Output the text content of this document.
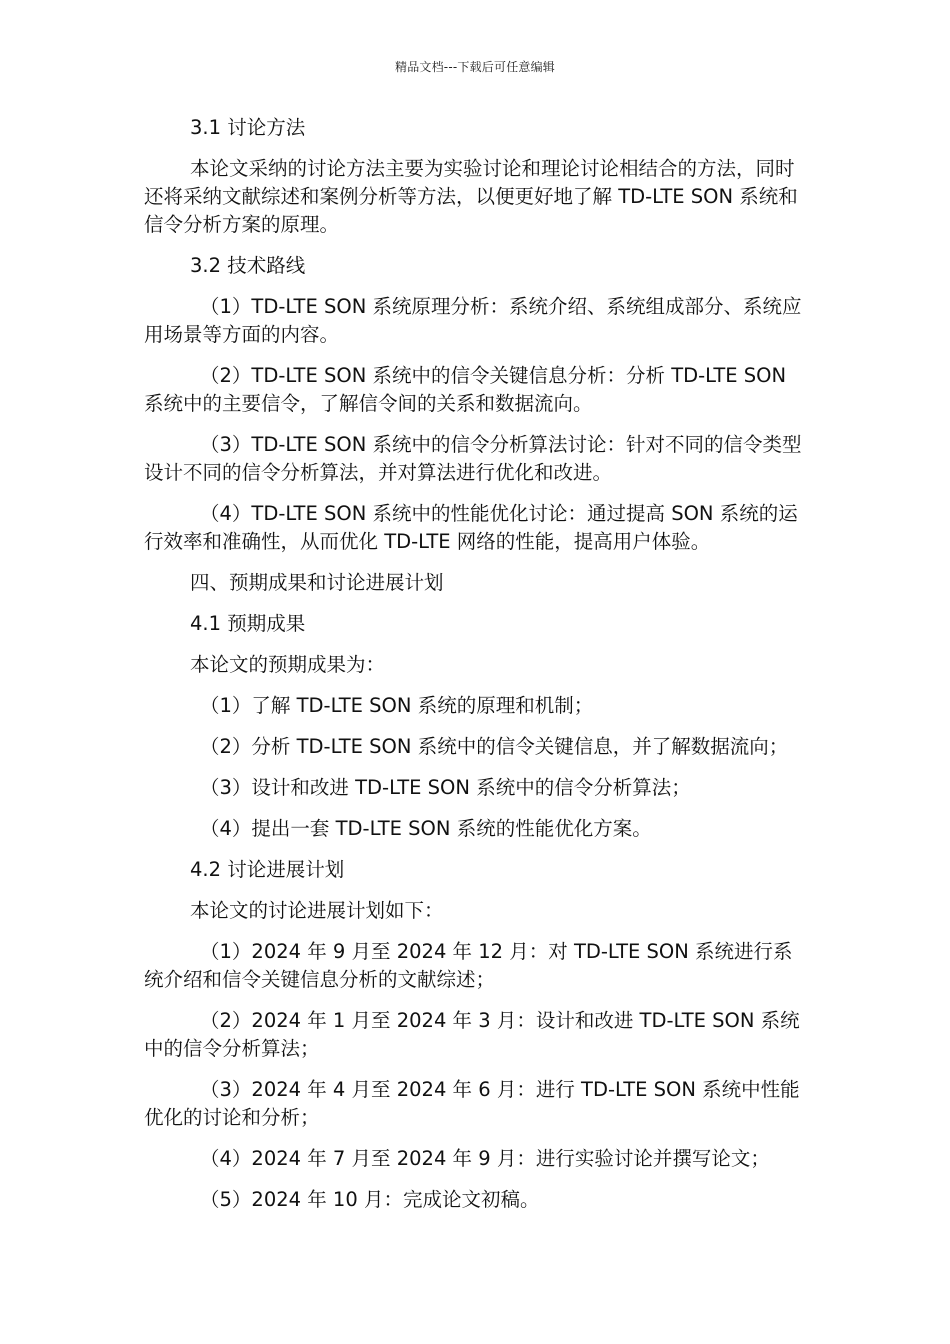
精品文档---下载后可任意编辑

3.1 讨论方法

本论文采纳的讨论方法主要为实验讨论和理论讨论相结合的方法，同时还将采纳文献综述和案例分析等方法，以便更好地了解 TD-LTE SON 系统和信令分析方案的原理。

3.2 技术路线

（1）TD-LTE SON 系统原理分析：系统介绍、系统组成部分、系统应用场景等方面的内容。

（2）TD-LTE SON 系统中的信令关键信息分析：分析 TD-LTE SON 系统中的主要信令，了解信令间的关系和数据流向。

（3）TD-LTE SON 系统中的信令分析算法讨论：针对不同的信令类型设计不同的信令分析算法，并对算法进行优化和改进。

（4）TD-LTE SON 系统中的性能优化讨论：通过提高 SON 系统的运行效率和准确性，从而优化 TD-LTE 网络的性能，提高用户体验。

四、预期成果和讨论进展计划

4.1 预期成果

本论文的预期成果为：

（1）了解 TD-LTE SON 系统的原理和机制；

（2）分析 TD-LTE SON 系统中的信令关键信息，并了解数据流向；

（3）设计和改进 TD-LTE SON 系统中的信令分析算法；

（4）提出一套 TD-LTE SON 系统的性能优化方案。

4.2 讨论进展计划

本论文的讨论进展计划如下：

（1）2024 年 9 月至 2024 年 12 月：对 TD-LTE SON 系统进行系统介绍和信令关键信息分析的文献综述；

（2）2024 年 1 月至 2024 年 3 月：设计和改进 TD-LTE SON 系统中的信令分析算法；

（3）2024 年 4 月至 2024 年 6 月：进行 TD-LTE SON 系统中性能优化的讨论和分析；

（4）2024 年 7 月至 2024 年 9 月：进行实验讨论并撰写论文；

（5）2024 年 10 月：完成论文初稿。
